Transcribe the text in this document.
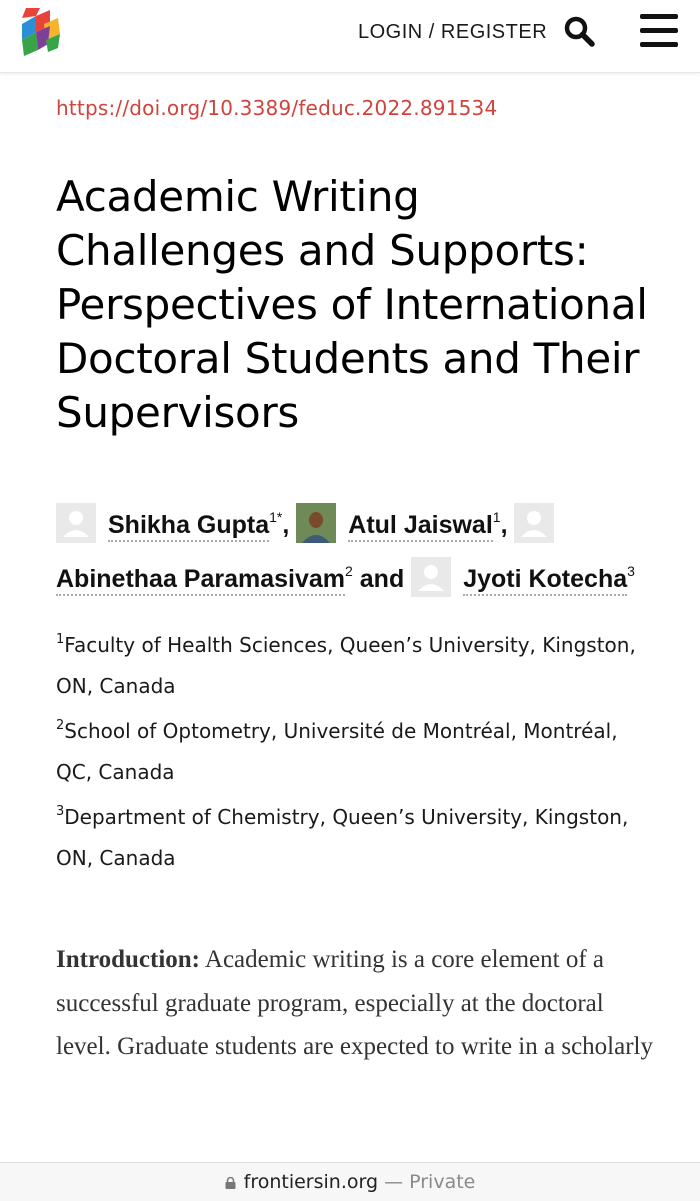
LOGIN / REGISTER
https://doi.org/10.3389/feduc.2022.891534
Academic Writing Challenges and Supports: Perspectives of International Doctoral Students and Their Supervisors
Shikha Gupta$^{1*}$, Atul Jaiswal$^1$,
Abinethaa Paramasivam$^2$ and Jyoti Kotecha$^3$
$^1$Faculty of Health Sciences, Queen’s University, Kingston, ON, Canada
$^2$School of Optometry, Université de Montréal, Montréal, QC, Canada
$^3$Department of Chemistry, Queen’s University, Kingston, ON, Canada
Introduction: Academic writing is a core element of a successful graduate program, especially at the doctoral level. Graduate students are expected to write in a scholarly
frontiersin.org — Private
